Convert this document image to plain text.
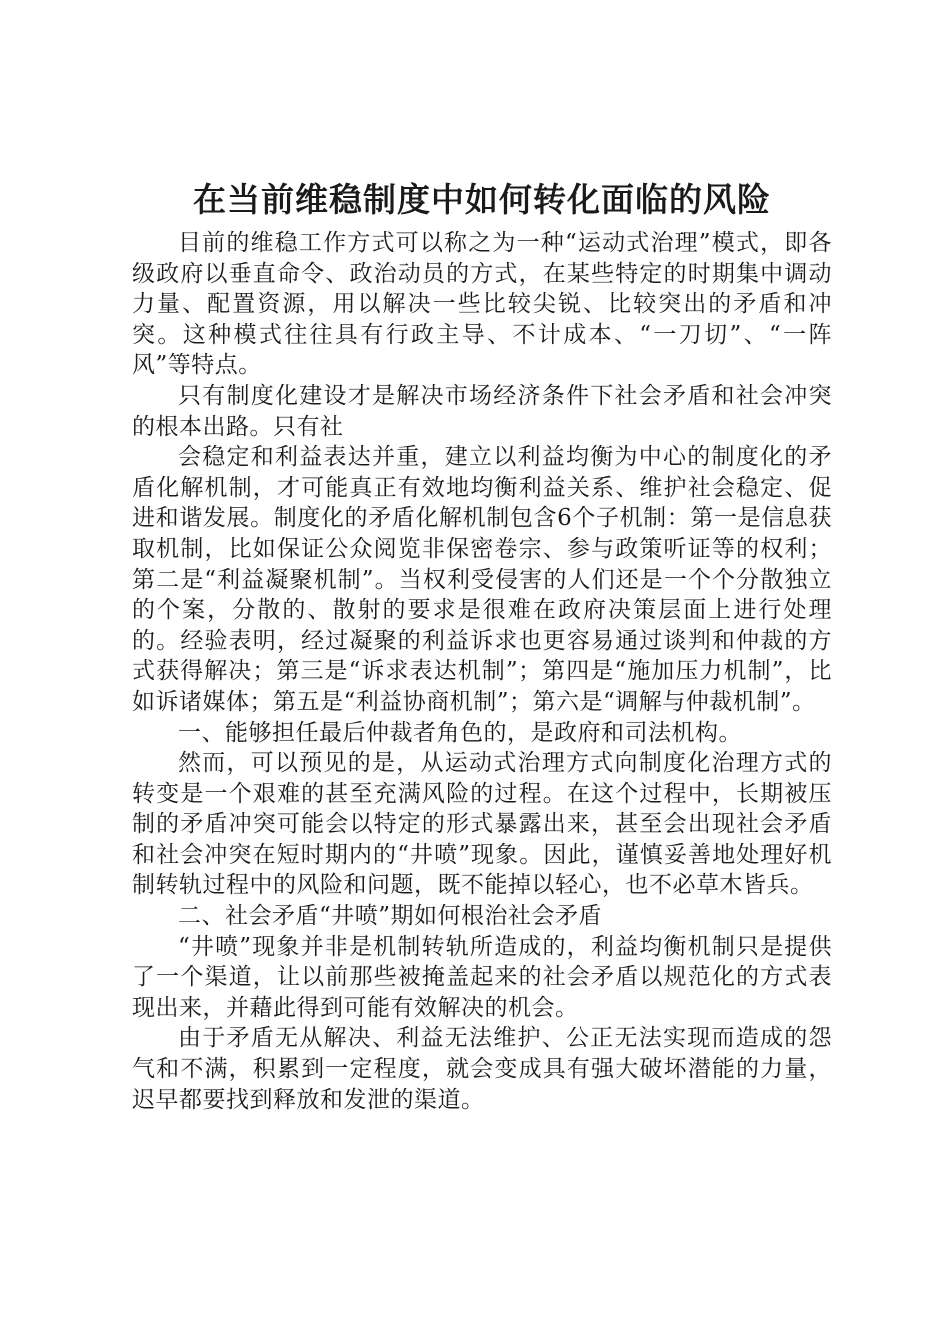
在当前维稳制度中如何转化面临的风险

目前的维稳工作方式可以称之为一种“运动式治理”模式，即各级政府以垂直命令、政治动员的方式，在某些特定的时期集中调动力量、配置资源，用以解决一些比较尖锐、比较突出的矛盾和冲突。这种模式往往具有行政主导、不计成本、“一刀切”、“一阵风”等特点。

只有制度化建设才是解决市场经济条件下社会矛盾和社会冲突的根本出路。只有社

会稳定和利益表达并重，建立以利益均衡为中心的制度化的矛盾化解机制，才可能真正有效地均衡利益关系、维护社会稳定、促进和谐发展。制度化的矛盾化解机制包含6个子机制：第一是信息获取机制，比如保证公众阅览非保密卷宗、参与政策听证等的权利；第二是“利益凝聚机制”。当权利受侵害的人们还是一个个分散独立的个案，分散的、散射的要求是很难在政府决策层面上进行处理的。经验表明，经过凝聚的利益诉求也更容易通过谈判和仲裁的方式获得解决；第三是“诉求表达机制”；第四是“施加压力机制”，比如诉诸媒体；第五是“利益协商机制”；第六是“调解与仲裁机制”。

一、能够担任最后仲裁者角色的，是政府和司法机构。

然而，可以预见的是，从运动式治理方式向制度化治理方式的转变是一个艰难的甚至充满风险的过程。在这个过程中，长期被压制的矛盾冲突可能会以特定的形式暴露出来，甚至会出现社会矛盾和社会冲突在短时期内的“井喷”现象。因此，谨慎妥善地处理好机制转轨过程中的风险和问题，既不能掉以轻心，也不必草木皆兵。

二、社会矛盾“井喷”期如何根治社会矛盾

“井喷”现象并非是机制转轨所造成的，利益均衡机制只是提供了一个渠道，让以前那些被掩盖起来的社会矛盾以规范化的方式表现出来，并藉此得到可能有效解决的机会。

由于矛盾无从解决、利益无法维护、公正无法实现而造成的怨气和不满，积累到一定程度，就会变成具有强大破坏潜能的力量，迟早都要找到释放和发泄的渠道。
